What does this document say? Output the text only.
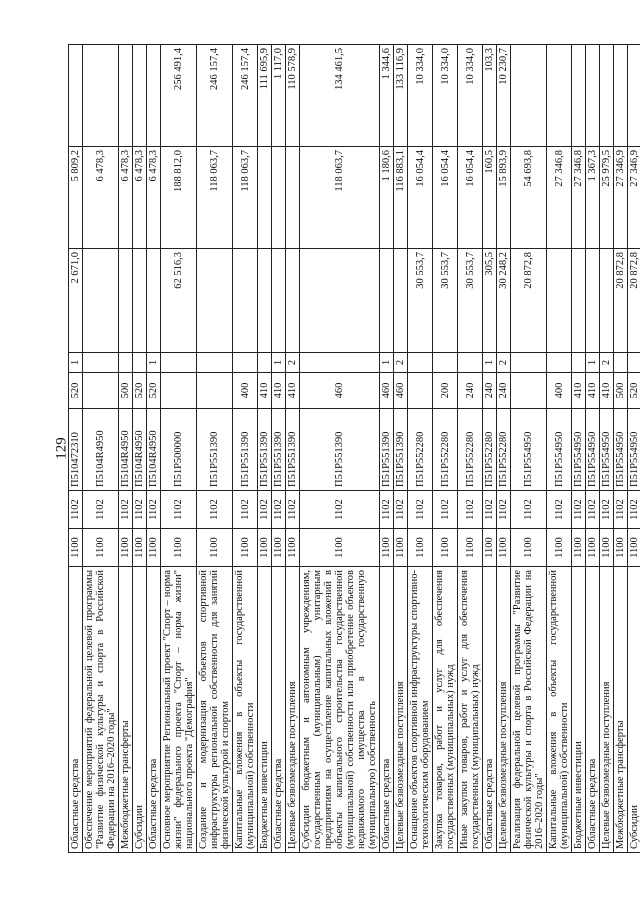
129
Областные средства	1100	1102	П510472310	520	1	2 671,0	5 809,2	
Обеспечение мероприятий федеральной целевой программы "Развитие физической культуры и спорта в Российской Федерации на 2016–2020 годы"	1100	1102	П5104R4950				6 478,3	
Межбюджетные трансферты	1100	1102	П5104R4950	500			6 478,3	
Субсидии	1100	1102	П5104R4950	520			6 478,3	
Областные средства	1100	1102	П5104R4950	520	1		6 478,3	
Основное мероприятие Региональный проект "Спорт – норма жизни" федерального проекта "Спорт – норма жизни" национального проекта "Демография"	1100	1102	П51P500000			62 516,3	188 812,0	256 491,4
Создание и модернизация объектов спортивной инфраструктуры региональной собственности для занятий физической культурой и спортом	1100	1102	П51P551390				118 063,7	246 157,4
Капитальные вложения в объекты государственной (муниципальной) собственности	1100	1102	П51P551390	400			118 063,7	246 157,4
Бюджетные инвестиции	1100	1102	П51P551390	410				111 695,9
Областные средства	1100	1102	П51P551390	410	1			1 117,0
Целевые безвозмездные поступления	1100	1102	П51P551390	410	2			110 578,9
Субсидии бюджетным и автономным учреждениям, государственным (муниципальным) унитарным предприятиям на осуществление капитальных вложений в объекты капитального строительства государственной (муниципальной) собственности или приобретение объектов недвижимого имущества в государственную (муниципальную) собственность	1100	1102	П51P551390	460			118 063,7	134 461,5
Областные средства	1100	1102	П51P551390	460	1		1 180,6	1 344,6
Целевые безвозмездные поступления	1100	1102	П51P551390	460	2		116 883,1	133 116,9
Оснащение объектов спортивной инфраструктуры спортивно-технологическим оборудованием	1100	1102	П51P552280			30 553,7	16 054,4	10 334,0
Закупка товаров, работ и услуг для обеспечения государственных (муниципальных) нужд	1100	1102	П51P552280	200		30 553,7	16 054,4	10 334,0
Иные закупки товаров, работ и услуг для обеспечения государственных (муниципальных) нужд	1100	1102	П51P552280	240		30 553,7	16 054,4	10 334,0
Областные средства	1100	1102	П51P552280	240	1	305,5	160,5	103,3
Целевые безвозмездные поступления	1100	1102	П51P552280	240	2	30 248,2	15 893,9	10 230,7
Реализация федеральной целевой программы "Развитие физической культуры и спорта в Российской Федерации на 2016–2020 годы"	1100	1102	П51P554950			20 872,8	54 693,8	
Капитальные вложения в объекты государственной (муниципальной) собственности	1100	1102	П51P554950	400			27 346,8	
Бюджетные инвестиции	1100	1102	П51P554950	410			27 346,8	
Областные средства	1100	1102	П51P554950	410	1		1 367,3	
Целевые безвозмездные поступления	1100	1102	П51P554950	410	2		25 979,5	
Межбюджетные трансферты	1100	1102	П51P554950	500		20 872,8	27 346,9	
Субсидии	1100	1102	П51P554950	520		20 872,8	27 346,9	
